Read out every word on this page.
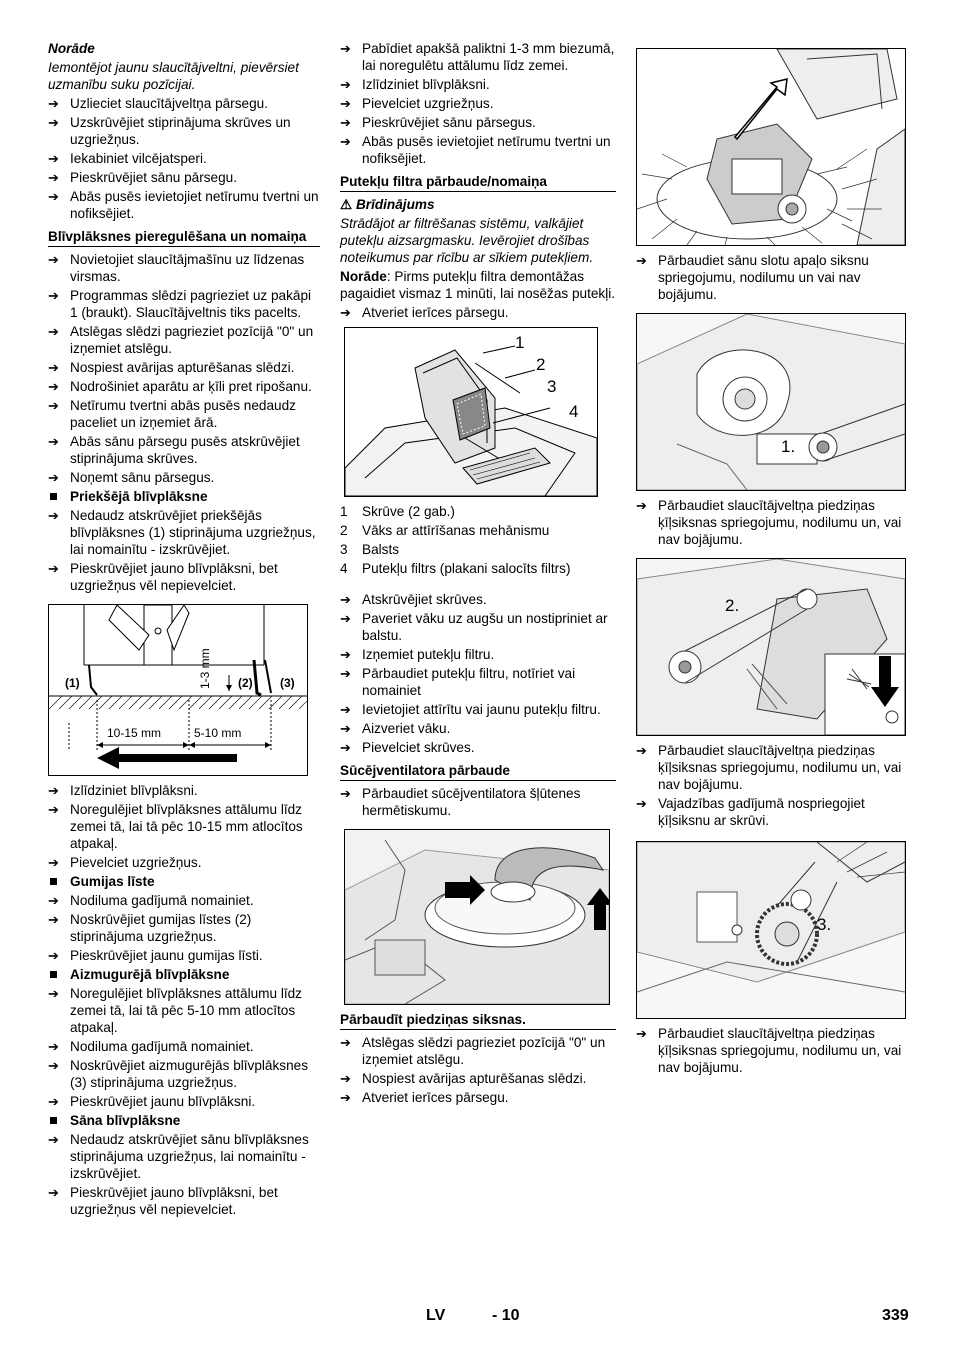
Norāde
Iemontējot jaunu slaucītājveltni, pievērsiet uzmanību suku pozīcijai.
➔ Uzlieciet slaucītājveltņa pārsegu.
➔ Uzskrūvējiet stiprinājuma skrūves un uzgriežņus.
➔ Iekabiniet vilcējatsperi.
➔ Pieskrūvējiet sānu pārsegu.
➔ Abās pusēs ievietojiet netīrumu tvertni un nofiksējiet.
Blīvplāksnes pieregulēšana un nomaiņa
➔ Novietojiet slaucītājmašīnu uz līdzenas virsmas.
➔ Programmas slēdzi pagrieziet uz pakāpi 1 (braukt). Slaucītājveltnis tiks pacelts.
➔ Atslēgas slēdzi pagrieziet pozīcijā "0" un izņemiet atslēgu.
➔ Nospiest avārijas apturēšanas slēdzi.
➔ Nodrošiniet aparātu ar ķīli pret ripošanu.
➔ Netīrumu tvertni abās pusēs nedaudz paceliet un izņemiet ārā.
➔ Abās sānu pārsegu pusēs atskrūvējiet stiprinājuma skrūves.
➔ Noņemt sānu pārsegus.
Priekšējā blīvplāksne
➔ Nedaudz atskrūvējiet priekšējās blīvplāksnes (1) stiprinājuma uzgriežņus, lai nomainītu - izskrūvējiet.
➔ Pieskrūvējiet jauno blīvplāksni, bet uzgriežņus vēl nepievelciet.
(1)	(2) (3)
1-3 mm
10-15 mm	5-10 mm
➔ Izlīdziniet blīvplāksni.
➔ Noregulējiet blīvplāksnes attālumu līdz zemei tā, lai tā pēc 10-15 mm atlocītos atpakaļ.
➔ Pievelciet uzgriežņus.
Gumijas līste
➔ Nodiluma gadījumā nomainiet.
➔ Noskrūvējiet gumijas līstes (2) stiprinājuma uzgriežņus.
➔ Pieskrūvējiet jaunu gumijas līsti.
Aizmugurējā blīvplāksne
➔ Noregulējiet blīvplāksnes attālumu līdz zemei tā, lai tā pēc 5-10 mm atlocītos atpakaļ.
➔ Nodiluma gadījumā nomainiet.
➔ Noskrūvējiet aizmugurējās blīvplāksnes (3) stiprinājuma uzgriežņus.
➔ Pieskrūvējiet jaunu blīvplāksni.
Sāna blīvplāksne
➔ Nedaudz atskrūvējiet sānu blīvplāksnes stiprinājuma uzgriežņus, lai nomainītu - izskrūvējiet.
➔ Pieskrūvējiet jauno blīvplāksni, bet uzgriežņus vēl nepievelciet.
➔ Pabīdiet apakšā paliktni 1-3 mm biezumā, lai noregulētu attālumu līdz zemei.
➔ Izlīdziniet blīvplāksni.
➔ Pievelciet uzgriežņus.
➔ Pieskrūvējiet sānu pārsegus.
➔ Abās pusēs ievietojiet netīrumu tvertni un nofiksējiet.
Putekļu filtra pārbaude/nomaiņa
⚠ Brīdinājums
Strādājot ar filtrēšanas sistēmu, valkājiet putekļu aizsargmasku. Ievērojiet drošības noteikumus par rīcību ar sīkiem putekļiem.
Norāde: Pirms putekļu filtra demontāžas pagaidiet vismaz 1 minūti, lai nosēžas putekļi.
➔ Atveriet ierīces pārsegu.
1
2
3
4
1 Skrūve (2 gab.)
2 Vāks ar attīrīšanas mehānismu
3 Balsts
4 Putekļu filtrs (plakani salocīts filtrs)
➔ Atskrūvējiet skrūves.
➔ Paveriet vāku uz augšu un nostipriniet ar balstu.
➔ Izņemiet putekļu filtru.
➔ Pārbaudiet putekļu filtru, notīriet vai nomainiet
➔ Ievietojiet attīrītu vai jaunu putekļu filtru.
➔ Aizveriet vāku.
➔ Pievelciet skrūves.
Sūcējventilatora pārbaude
➔ Pārbaudiet sūcējventilatora šļūtenes hermētiskumu.
Pārbaudīt piedziņas siksnas.
➔ Atslēgas slēdzi pagrieziet pozīcijā "0" un izņemiet atslēgu.
➔ Nospiest avārijas apturēšanas slēdzi.
➔ Atveriet ierīces pārsegu.
➔ Pārbaudiet sānu slotu apaļo siksnu spriegojumu, nodilumu un vai nav bojājumu.
1.
➔ Pārbaudiet slaucītājveltņa piedziņas ķīļsiksnas spriegojumu, nodilumu un, vai nav bojājumu.
2.
➔ Pārbaudiet slaucītājveltņa piedziņas ķīļsiksnas spriegojumu, nodilumu un, vai nav bojājumu.
➔ Vajadzības gadījumā nospriegojiet ķīļsiksnu ar skrūvi.
3.
➔ Pārbaudiet slaucītājveltņa piedziņas ķīļsiksnas spriegojumu, nodilumu un, vai nav bojājumu.
LV	- 10	339
